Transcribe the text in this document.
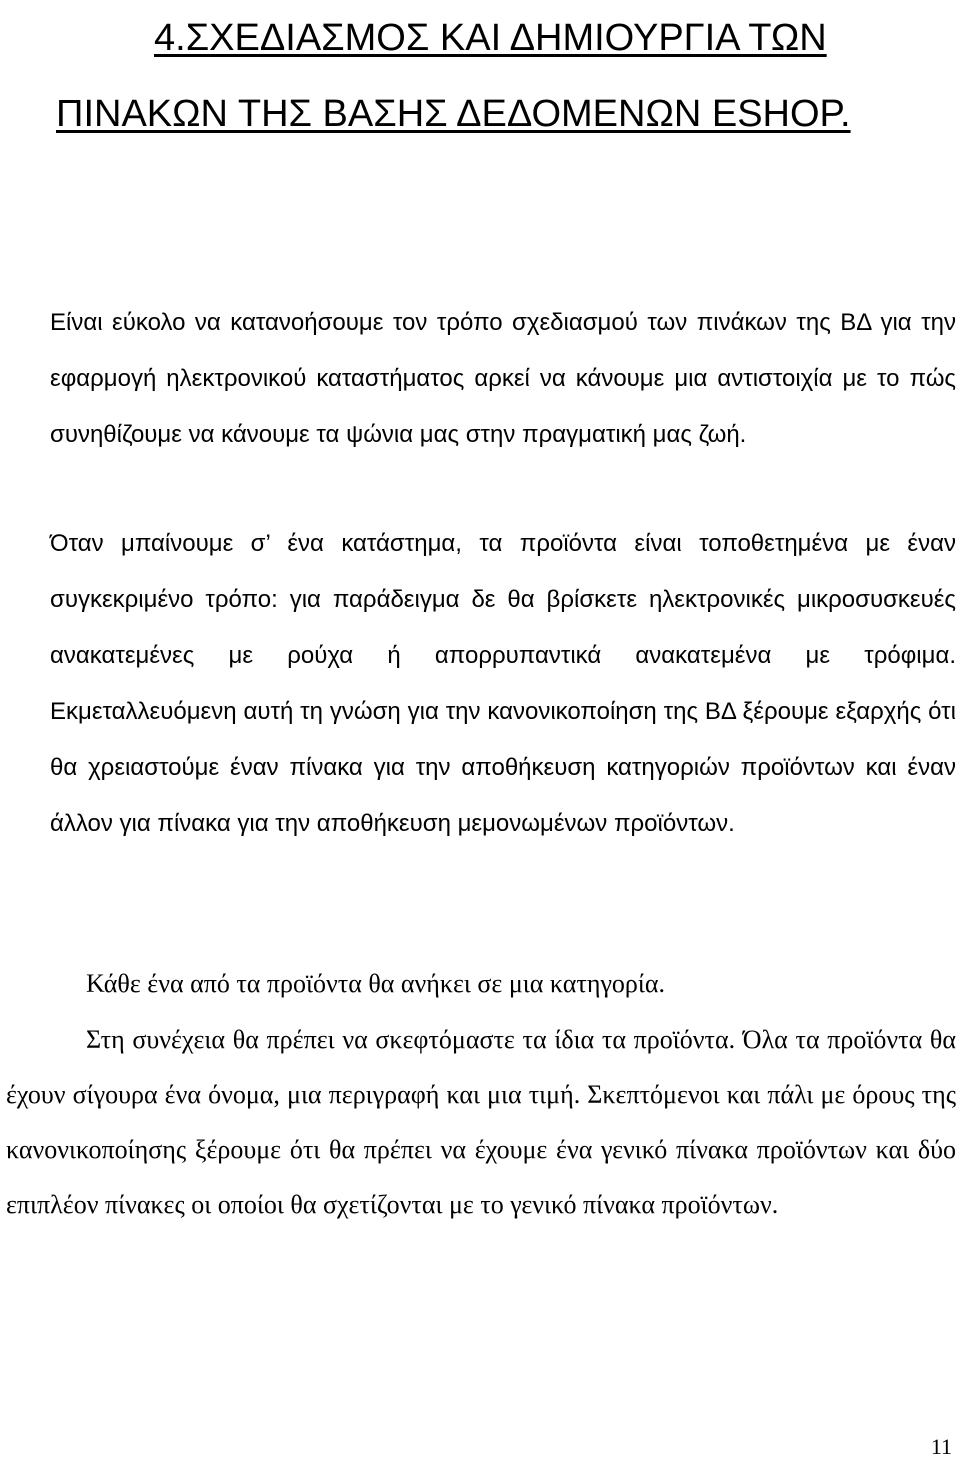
4.ΣΧΕΔΙΑΣΜΟΣ ΚΑΙ ΔΗΜΙΟΥΡΓΙΑ ΤΩΝ
ΠΙΝΑΚΩΝ ΤΗΣ ΒΑΣΗΣ ΔΕΔΟΜΕΝΩΝ ESHOP.

Είναι εύκολο να κατανοήσουμε τον τρόπο σχεδιασμού των πινάκων της ΒΔ για την εφαρμογή ηλεκτρονικού καταστήματος αρκεί να κάνουμε μια αντιστοιχία με το πώς συνηθίζουμε να κάνουμε τα ψώνια μας στην πραγματική μας ζωή.

Όταν μπαίνουμε σ’ ένα κατάστημα, τα προϊόντα είναι τοποθετημένα με έναν συγκεκριμένο τρόπο: για παράδειγμα δε θα βρίσκετε ηλεκτρονικές μικροσυσκευές ανακατεμένες με ρούχα ή απορρυπαντικά ανακατεμένα με τρόφιμα. Εκμεταλλευόμενη αυτή τη γνώση για την κανονικοποίηση της ΒΔ ξέρουμε εξαρχής ότι θα χρειαστούμε έναν πίνακα για την αποθήκευση κατηγοριών προϊόντων και έναν άλλον για πίνακα για την αποθήκευση μεμονωμένων προϊόντων.

Κάθε ένα από τα προϊόντα θα ανήκει σε μια κατηγορία.

Στη συνέχεια θα πρέπει να σκεφτόμαστε τα ίδια τα προϊόντα. Όλα τα προϊόντα θα έχουν σίγουρα ένα όνομα, μια περιγραφή και μια τιμή. Σκεπτόμενοι και πάλι με όρους της κανονικοποίησης ξέρουμε ότι θα πρέπει να έχουμε ένα γενικό πίνακα προϊόντων και δύο επιπλέον πίνακες οι οποίοι θα σχετίζονται με το γενικό πίνακα προϊόντων.

11
